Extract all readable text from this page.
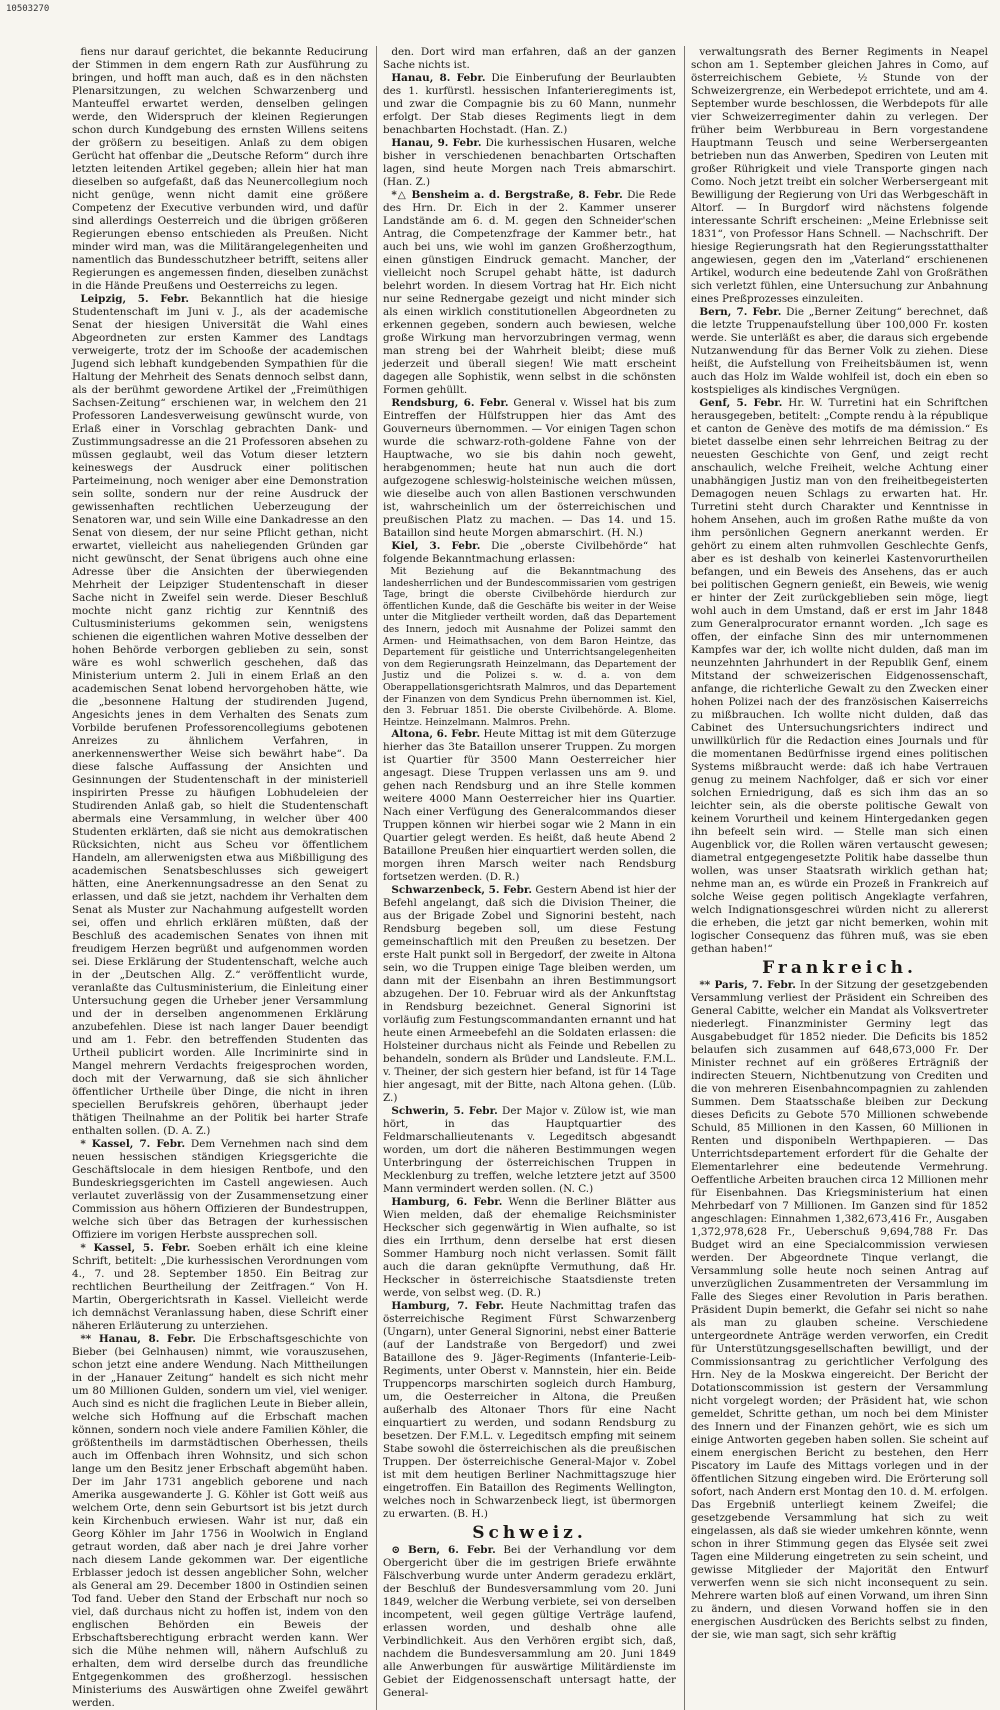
10503270

fiens nur darauf gerichtet, die bekannte Reducirung der Stimmen in dem engern Rath zur Ausführung zu bringen, und hofft man auch, daß es in den nächsten Plenarsitzungen, zu welchen Schwarzenberg und Manteuffel erwartet werden, denselben gelingen werde, den Widerspruch der kleinen Regierungen schon durch Kundgebung des ernsten Willens seitens der größern zu beseitigen. Anlaß zu dem obigen Gerücht hat offenbar die „Deutsche Reform“ durch ihre letzten leitenden Artikel gegeben; allein hier hat man dieselben so aufgefaßt, daß das Neunercollegium noch nicht genüge, wenn nicht damit eine größere Competenz der Executive verbunden wird, und dafür sind allerdings Oesterreich und die übrigen größeren Regierungen ebenso entschieden als Preußen. Nicht minder wird man, was die Militärangelegenheiten und namentlich das Bundesschutzheer betrifft, seitens aller Regierungen es angemessen finden, dieselben zunächst in die Hände Preußens und Oesterreichs zu legen.

Leipzig, 5. Febr. Bekanntlich hat die hiesige Studentenschaft im Juni v. J., als der academische Senat der hiesigen Universität die Wahl eines Abgeordneten zur ersten Kammer des Landtags verweigerte, trotz der im Schooße der academischen Jugend sich lebhaft kundgebenden Sympathien für die Haltung der Mehrheit des Senats dennoch selbst dann, als der berühmt gewordene Artikel der „Freimüthigen Sachsen-Zeitung“ erschienen war, in welchem den 21 Professoren Landesverweisung gewünscht wurde, von Erlaß einer in Vorschlag gebrachten Dank- und Zustimmungsadresse an die 21 Professoren absehen zu müssen geglaubt, weil das Votum dieser letztern keineswegs der Ausdruck einer politischen Parteimeinung, noch weniger aber eine Demonstration sein sollte, sondern nur der reine Ausdruck der gewissenhaften rechtlichen Ueberzeugung der Senatoren war, und sein Wille eine Dankadresse an den Senat von diesem, der nur seine Pflicht gethan, nicht erwartet, vielleicht aus naheliegenden Gründen gar nicht gewünscht, der Senat übrigens auch ohne eine Adresse über die Ansichten der überwiegenden Mehrheit der Leipziger Studentenschaft in dieser Sache nicht in Zweifel sein werde. Dieser Beschluß mochte nicht ganz richtig zur Kenntniß des Cultusministeriums gekommen sein, wenigstens schienen die eigentlichen wahren Motive desselben der hohen Behörde verborgen geblieben zu sein, sonst wäre es wohl schwerlich geschehen, daß das Ministerium unterm 2. Juli in einem Erlaß an den academischen Senat lobend hervorgehoben hätte, wie die „besonnene Haltung der studirenden Jugend, Angesichts jenes in dem Verhalten des Senats zum Vorbilde berufenen Professorencollegiums gebotenen Anreizes zu ähnlichem Verfahren, in anerkennenswerther Weise sich bewährt habe“. Da diese falsche Auffassung der Ansichten und Gesinnungen der Studentenschaft in der ministeriell inspirirten Presse zu häufigen Lobhudeleien der Studirenden Anlaß gab, so hielt die Studentenschaft abermals eine Versammlung, in welcher über 400 Studenten erklärten, daß sie nicht aus demokratischen Rücksichten, nicht aus Scheu vor öffentlichem Handeln, am allerwenigsten etwa aus Mißbilligung des academischen Senatsbeschlusses sich geweigert hätten, eine Anerkennungsadresse an den Senat zu erlassen, und daß sie jetzt, nachdem ihr Verhalten dem Senat als Muster zur Nachahmung aufgestellt worden sei, offen und ehrlich erklären müßten, daß der Beschluß des academischen Senates von ihnen mit freudigem Herzen begrüßt und aufgenommen worden sei. Diese Erklärung der Studentenschaft, welche auch in der „Deutschen Allg. Z.“ veröffentlicht wurde, veranlaßte das Cultusministerium, die Einleitung einer Untersuchung gegen die Urheber jener Versammlung und der in derselben angenommenen Erklärung anzubefehlen. Diese ist nach langer Dauer beendigt und am 1. Febr. den betreffenden Studenten das Urtheil publicirt worden. Alle Incriminirte sind in Mangel mehrern Verdachts freigesprochen worden, doch mit der Verwarnung, daß sie sich ähnlicher öffentlicher Urtheile über Dinge, die nicht in ihren speciellen Berufskreis gehören, überhaupt jeder thätigen Theilnahme an der Politik bei harter Strafe enthalten sollen. (D. A. Z.)

* Kassel, 7. Febr. Dem Vernehmen nach sind dem neuen hessischen ständigen Kriegsgerichte die Geschäftslocale in dem hiesigen Rentbofe, und den Bundeskriegsgerichten im Castell angewiesen. Auch verlautet zuverlässig von der Zusammensetzung einer Commission aus höhern Offizieren der Bundestruppen, welche sich über das Betragen der kurhessischen Offiziere im vorigen Herbste aussprechen soll.

* Kassel, 5. Febr. Soeben erhält ich eine kleine Schrift, betitelt: „Die kurhessischen Verordnungen vom 4., 7. und 28. September 1850. Ein Beitrag zur rechtlichen Beurtheilung der Zeitfragen.“ Von H. Martin, Obergerichtsrath in Kassel. Vielleicht werde ich demnächst Veranlassung haben, diese Schrift einer näheren Erläuterung zu unterziehen.

** Hanau, 8. Febr. Die Erbschaftsgeschichte von Bieber (bei Gelnhausen) nimmt, wie vorauszusehen, schon jetzt eine andere Wendung. Nach Mittheilungen in der „Hanauer Zeitung“ handelt es sich nicht mehr um 80 Millionen Gulden, sondern um viel, viel weniger. Auch sind es nicht die fraglichen Leute in Bieber allein, welche sich Hoffnung auf die Erbschaft machen können, sondern noch viele andere Familien Köhler, die größtentheils im darmstädtischen Oberhessen, theils auch im Offenbach ihren Wohnsitz, und sich schon lange um den Besitz jener Erbschaft abgemüht haben. Der im Jahr 1731 angeblich geborene und nach Amerika ausgewanderte J. G. Köhler ist Gott weiß aus welchem Orte, denn sein Geburtsort ist bis jetzt durch kein Kirchenbuch erwiesen. Wahr ist nur, daß ein Georg Köhler im Jahr 1756 in Woolwich in England getraut worden, daß aber nach je drei Jahre vorher nach diesem Lande gekommen war. Der eigentliche Erblasser jedoch ist dessen angeblicher Sohn, welcher als General am 29. December 1800 in Ostindien seinen Tod fand. Ueber den Stand der Erbschaft nur noch so viel, daß durchaus nicht zu hoffen ist, indem von den englischen Behörden ein Beweis der Erbschaftsberechtigung erbracht werden kann. Wer sich die Mühe nehmen will, nähern Aufschluß zu erhalten, dem wird derselbe durch das freundliche Entgegenkommen des großherzogl. hessischen Ministeriums des Auswärtigen ohne Zweifel gewährt werden.

den. Dort wird man erfahren, daß an der ganzen Sache nichts ist.

Hanau, 8. Febr. Die Einberufung der Beurlaubten des 1. kurfürstl. hessischen Infanterieregiments ist, und zwar die Compagnie bis zu 60 Mann, nunmehr erfolgt. Der Stab dieses Regiments liegt in dem benachbarten Hochstadt. (Han. Z.)

Hanau, 9. Febr. Die kurhessischen Husaren, welche bisher in verschiedenen benachbarten Ortschaften lagen, sind heute Morgen nach Treis abmarschirt. (Han. Z.)

*△ Bensheim a. d. Bergstraße, 8. Febr. Die Rede des Hrn. Dr. Eich in der 2. Kammer unserer Landstände am 6. d. M. gegen den Schneider'schen Antrag, die Competenzfrage der Kammer betr., hat auch bei uns, wie wohl im ganzen Großherzogthum, einen günstigen Eindruck gemacht. Mancher, der vielleicht noch Scrupel gehabt hätte, ist dadurch belehrt worden. In diesem Vortrag hat Hr. Eich nicht nur seine Rednergabe gezeigt und nicht minder sich als einen wirklich constitutionellen Abgeordneten zu erkennen gegeben, sondern auch bewiesen, welche große Wirkung man hervorzubringen vermag, wenn man streng bei der Wahrheit bleibt; diese muß jederzeit und überall siegen! Wie matt erscheint dagegen alle Sophistik, wenn selbst in die schönsten Formen gehüllt.

Rendsburg, 6. Febr. General v. Wissel hat bis zum Eintreffen der Hülfstruppen hier das Amt des Gouverneurs übernommen. — Vor einigen Tagen schon wurde die schwarz-roth-goldene Fahne von der Hauptwache, wo sie bis dahin noch geweht, herabgenommen; heute hat nun auch die dort aufgezogene schleswig-holsteinische weichen müssen, wie dieselbe auch von allen Bastionen verschwunden ist, wahrscheinlich um der österreichischen und preußischen Platz zu machen. — Das 14. und 15. Bataillon sind heute Morgen abmarschirt. (H. N.)

Kiel, 3. Febr. Die „oberste Civilbehörde“ hat folgende Bekanntmachung erlassen:

Mit Beziehung auf die Bekanntmachung des landesherrlichen und der Bundescommissarien vom gestrigen Tage, bringt die oberste Civilbehörde hierdurch zur öffentlichen Kunde, daß die Geschäfte bis weiter in der Weise unter die Mitglieder vertheilt worden, daß das Departement des Innern, jedoch mit Ausnahme der Polizei sammt den Armen- und Heimathsachen, von dem Baron Heintze, das Departement für geistliche und Unterrichtsangelegenheiten von dem Regierungsrath Heinzelmann, das Departement der Justiz und die Polizei s. w. d. a. von dem Oberappellationsgerichtsrath Malmros, und das Departement der Finanzen von dem Syndicus Prehn übernommen ist. Kiel, den 3. Februar 1851. Die oberste Civilbehörde. A. Blome. Heintze. Heinzelmann. Malmros. Prehn.

Altona, 6. Febr. Heute Mittag ist mit dem Güterzuge hierher das 3te Bataillon unserer Truppen. Zu morgen ist Quartier für 3500 Mann Oesterreicher hier angesagt. Diese Truppen verlassen uns am 9. und gehen nach Rendsburg und an ihre Stelle kommen weitere 4000 Mann Oesterreicher hier ins Quartier. Nach einer Verfügung des Generalcommandos dieser Truppen können wir hierbei sogar wie 2 Mann in ein Quartier gelegt werden. Es heißt, daß heute Abend 2 Bataillone Preußen hier einquartiert werden sollen, die morgen ihren Marsch weiter nach Rendsburg fortsetzen werden. (D. R.)

Schwarzenbeck, 5. Febr. Gestern Abend ist hier der Befehl angelangt, daß sich die Division Theiner, die aus der Brigade Zobel und Signorini besteht, nach Rendsburg begeben soll, um diese Festung gemeinschaftlich mit den Preußen zu besetzen. Der erste Halt punkt soll in Bergedorf, der zweite in Altona sein, wo die Truppen einige Tage bleiben werden, um dann mit der Eisenbahn an ihren Bestimmungsort abzugehen. Der 10. Februar wird als der Ankunftstag in Rendsburg bezeichnet. General Signorini ist vorläufig zum Festungscommandanten ernannt und hat heute einen Armeebefehl an die Soldaten erlassen: die Holsteiner durchaus nicht als Feinde und Rebellen zu behandeln, sondern als Brüder und Landsleute. F.M.L. v. Theiner, der sich gestern hier befand, ist für 14 Tage hier angesagt, mit der Bitte, nach Altona gehen. (Lüb. Z.)

Schwerin, 5. Febr. Der Major v. Zülow ist, wie man hört, in das Hauptquartier des Feldmarschallieutenants v. Legeditsch abgesandt worden, um dort die näheren Bestimmungen wegen Unterbringung der österreichischen Truppen in Mecklenburg zu treffen, welche letztere jetzt auf 3500 Mann vermindert werden sollen. (N. C.)

Hamburg, 6. Febr. Wenn die Berliner Blätter aus Wien melden, daß der ehemalige Reichsminister Heckscher sich gegenwärtig in Wien aufhalte, so ist dies ein Irrthum, denn derselbe hat erst diesen Sommer Hamburg noch nicht verlassen. Somit fällt auch die daran geknüpfte Vermuthung, daß Hr. Heckscher in österreichische Staatsdienste treten werde, von selbst weg. (D. R.)

Hamburg, 7. Febr. Heute Nachmittag trafen das österreichische Regiment Fürst Schwarzenberg (Ungarn), unter General Signorini, nebst einer Batterie (auf der Landstraße von Bergedorf) und zwei Bataillone des 9. Jäger-Regiments (Infanterie-Leib-Regiments, unter Oberst v. Mannstein, hier ein. Beide Truppencorps marschirten sogleich durch Hamburg, um, die Oesterreicher in Altona, die Preußen außerhalb des Altonaer Thors für eine Nacht einquartiert zu werden, und sodann Rendsburg zu besetzen. Der F.M.L. v. Legeditsch empfing mit seinem Stabe sowohl die österreichischen als die preußischen Truppen. Der österreichische General-Major v. Zobel ist mit dem heutigen Berliner Nachmittagszuge hier eingetroffen. Ein Bataillon des Regiments Wellington, welches noch in Schwarzenbeck liegt, ist übermorgen zu erwarten. (B. H.)

Schweiz.

⊙ Bern, 6. Febr. Bei der Verhandlung vor dem Obergericht über die im gestrigen Briefe erwähnte Fälschverbung wurde unter Anderm geradezu erklärt, der Beschluß der Bundesversammlung vom 20. Juni 1849, welcher die Werbung verbiete, sei von derselben incompetent, weil gegen gültige Verträge laufend, erlassen worden, und deshalb ohne alle Verbindlichkeit. Aus den Verhören ergibt sich, daß, nachdem die Bundesversammlung am 20. Juni 1849 alle Anwerbungen für auswärtige Militärdienste im Gebiet der Eidgenossenschaft untersagt hatte, der General-

verwaltungsrath des Berner Regiments in Neapel schon am 1. September gleichen Jahres in Como, auf österreichischem Gebiete, ½ Stunde von der Schweizergrenze, ein Werbedepot errichtete, und am 4. September wurde beschlossen, die Werbdepots für alle vier Schweizerregimenter dahin zu verlegen. Der früher beim Werbbureau in Bern vorgestandene Hauptmann Teusch und seine Werbersergeanten betrieben nun das Anwerben, Spediren von Leuten mit großer Rührigkeit und viele Transporte gingen nach Como. Noch jetzt treibt ein solcher Werbersergeant mit Bewilligung der Regierung von Uri das Werbgeschäft in Altorf. — In Burgdorf wird nächstens folgende interessante Schrift erscheinen: „Meine Erlebnisse seit 1831“, von Professor Hans Schnell. — Nachschrift. Der hiesige Regierungsrath hat den Regierungsstatthalter angewiesen, gegen den im „Vaterland“ erschienenen Artikel, wodurch eine bedeutende Zahl von Großräthen sich verletzt fühlen, eine Untersuchung zur Anbahnung eines Preßprozesses einzuleiten.

Bern, 7. Febr. Die „Berner Zeitung“ berechnet, daß die letzte Truppenaufstellung über 100,000 Fr. kosten werde. Sie unterläßt es aber, die daraus sich ergebende Nutzanwendung für das Berner Volk zu ziehen. Diese heißt, die Aufstellung von Freiheitsbäumen ist, wenn auch das Holz im Walde wohlfeil ist, doch ein eben so kostspieliges als kindisches Vergnügen.

Genf, 5. Febr. Hr. W. Turretini hat ein Schriftchen herausgegeben, betitelt: „Compte rendu à la république et canton de Genève des motifs de ma démission.“ Es bietet dasselbe einen sehr lehrreichen Beitrag zu der neuesten Geschichte von Genf, und zeigt recht anschaulich, welche Freiheit, welche Achtung einer unabhängigen Justiz man von den freiheitbegeisterten Demagogen neuen Schlags zu erwarten hat. Hr. Turretini steht durch Charakter und Kenntnisse in hohem Ansehen, auch im großen Rathe mußte da von ihm persönlichen Gegnern anerkannt werden. Er gehört zu einem alten ruhmvollen Geschlechte Genfs, aber es ist deshalb von keinerlei Kastenvorurtheilen befangen, und ein Beweis des Ansehens, das er auch bei politischen Gegnern genießt, ein Beweis, wie wenig er hinter der Zeit zurückgeblieben sein möge, liegt wohl auch in dem Umstand, daß er erst im Jahr 1848 zum Generalprocurator ernannt worden. „Ich sage es offen, der einfache Sinn des mir unternommenen Kampfes war der, ich wollte nicht dulden, daß man im neunzehnten Jahrhundert in der Republik Genf, einem Mitstand der schweizerischen Eidgenossenschaft, anfange, die richterliche Gewalt zu den Zwecken einer hohen Polizei nach der des französischen Kaiserreichs zu mißbrauchen. Ich wollte nicht dulden, daß das Cabinet des Untersuchungsrichters indirect und unwillkürlich für die Redaction eines Journals und für die momentanen Bedürfnisse irgend eines politischen Systems mißbraucht werde: daß ich habe Vertrauen genug zu meinem Nachfolger, daß er sich vor einer solchen Erniedrigung, daß es sich ihm das an so leichter sein, als die oberste politische Gewalt von keinem Vorurtheil und keinem Hintergedanken gegen ihn befeelt sein wird. — Stelle man sich einen Augenblick vor, die Rollen wären vertauscht gewesen; diametral entgegengesetzte Politik habe dasselbe thun wollen, was unser Staatsrath wirklich gethan hat; nehme man an, es würde ein Prozeß in Frankreich auf solche Weise gegen politisch Angeklagte verfahren, welch Indignationsgeschrei würden nicht zu allererst die erheben, die jetzt gar nicht bemerken, wohin mit logischer Consequenz das führen muß, was sie eben gethan haben!“

Frankreich.

** Paris, 7. Febr. In der Sitzung der gesetzgebenden Versammlung verliest der Präsident ein Schreiben des General Cabitte, welcher ein Mandat als Volksvertreter niederlegt. Finanzminister Germiny legt das Ausgabebudget für 1852 nieder. Die Deficits bis 1852 belaufen sich zusammen auf 648,673,000 Fr. Der Minister rechnet auf ein größeres Erträgniß der indirecten Steuern, Nichtbenutzung von Crediten und die von mehreren Eisenbahncompagnien zu zahlenden Summen. Dem Staatsschaße bleiben zur Deckung dieses Deficits zu Gebote 570 Millionen schwebende Schuld, 85 Millionen in den Kassen, 60 Millionen in Renten und disponibeln Werthpapieren. — Das Unterrichtsdepartement erfordert für die Gehalte der Elementarlehrer eine bedeutende Vermehrung. Oeffentliche Arbeiten brauchen circa 12 Millionen mehr für Eisenbahnen. Das Kriegsministerium hat einen Mehrbedarf von 7 Millionen. Im Ganzen sind für 1852 angeschlagen: Einnahmen 1,382,673,416 Fr., Ausgaben 1,372,978,628 Fr., Ueberschuß 9,694,788 Fr. Das Budget wird an eine Specialcommission verwiesen werden. Der Abgeordnete Tinque verlangt, die Versammlung solle heute noch seinen Antrag auf unverzüglichen Zusammentreten der Versammlung im Falle des Sieges einer Revolution in Paris berathen. Präsident Dupin bemerkt, die Gefahr sei nicht so nahe als man zu glauben scheine. Verschiedene untergeordnete Anträge werden verworfen, ein Credit für Unterstützungsgesellschaften bewilligt, und der Commissionsantrag zu gerichtlicher Verfolgung des Hrn. Ney de la Moskwa eingereicht. Der Bericht der Dotationscommission ist gestern der Versammlung nicht vorgelegt worden; der Präsident hat, wie schon gemeldet, Schritte gethan, um noch bei dem Minister des Innern und der Finanzen gehört, wie es sich um einige Antworten gegeben haben sollen. Sie scheint auf einem energischen Bericht zu bestehen, den Herr Piscatory im Laufe des Mittags vorlegen und in der öffentlichen Sitzung eingeben wird. Die Erörterung soll sofort, nach Andern erst Montag den 10. d. M. erfolgen. Das Ergebniß unterliegt keinem Zweifel; die gesetzgebende Versammlung hat sich zu weit eingelassen, als daß sie wieder umkehren könnte, wenn schon in ihrer Stimmung gegen das Elysée seit zwei Tagen eine Milderung eingetreten zu sein scheint, und gewisse Mitglieder der Majorität den Entwurf verwerfen wenn sie sich nicht inconsequent zu sein. Mehrere warten bloß auf einen Vorwand, um ihren Sinn zu ändern, und diesen Vorwand hoffen sie in den energischen Ausdrücken des Berichts selbst zu finden, der sie, wie man sagt, sich sehr kräftig
